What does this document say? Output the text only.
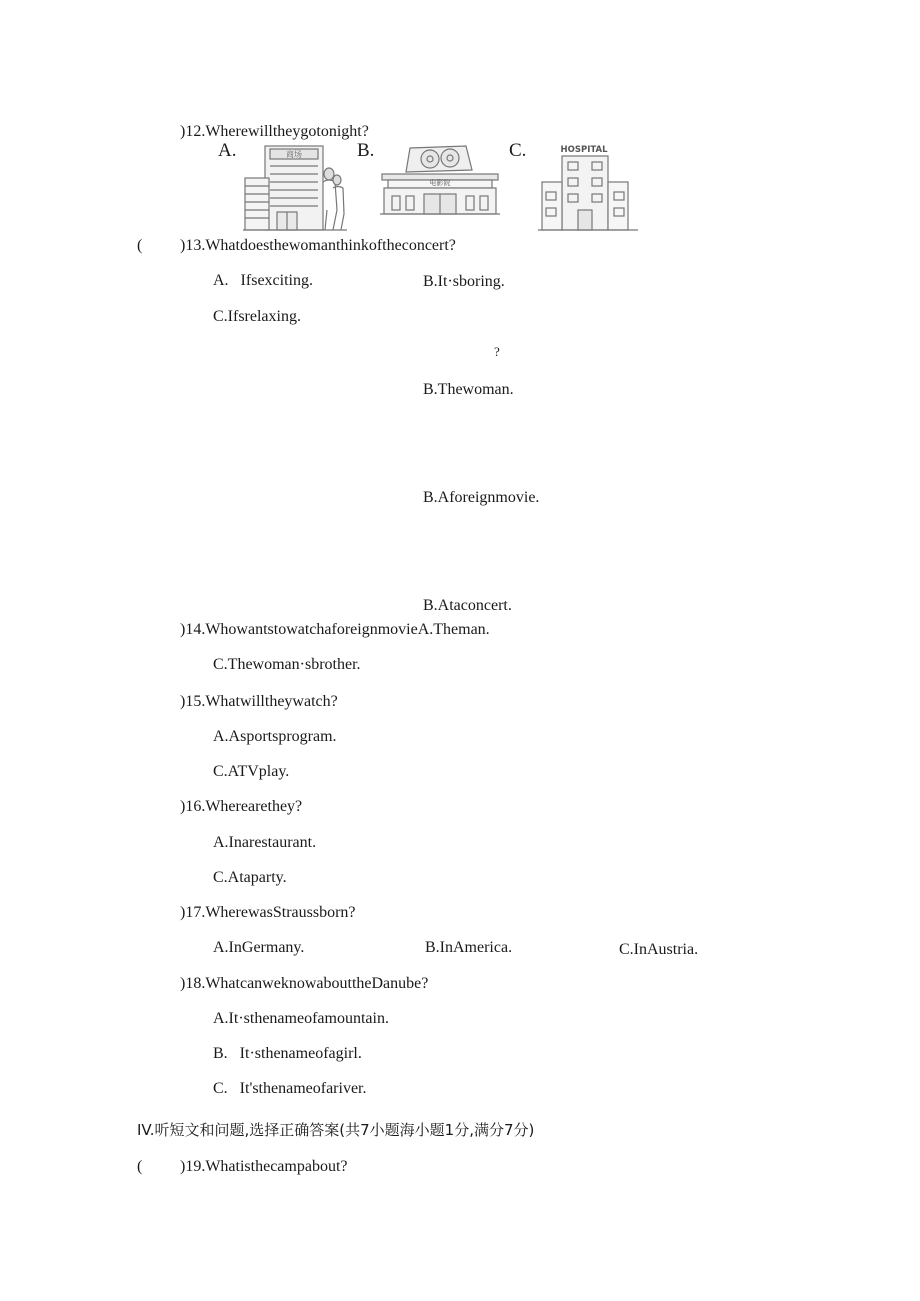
)12.Wherewilltheygotonight?
A.	B.	C.
商场
电影院
HOSPITAL
( )13.Whatdoesthewomanthinkoftheconcert?
A.   Ifsexciting.	B.It·sboring.
C.Ifsrelaxing.
?
B.Thewoman.
B.Aforeignmovie.
B.Ataconcert.
)14.WhowantstowatchaforeignmovieA.Theman.
C.Thewoman·sbrother.
)15.Whatwilltheywatch?
A.Asportsprogram.
C.ATVplay.
)16.Wherearethey?
A.Inarestaurant.
C.Ataparty.
)17.WherewasStraussborn?
A.InGermany.	B.InAmerica.	C.InAustria.
)18.WhatcanweknowabouttheDanube?
A.It·sthenameofamountain.
B.   It·sthenameofagirl.
C.   It'sthenameofariver.
IV.听短文和问题,选择正确答案(共7小题海小题1分,满分7分)
( )19.Whatisthecampabout?
